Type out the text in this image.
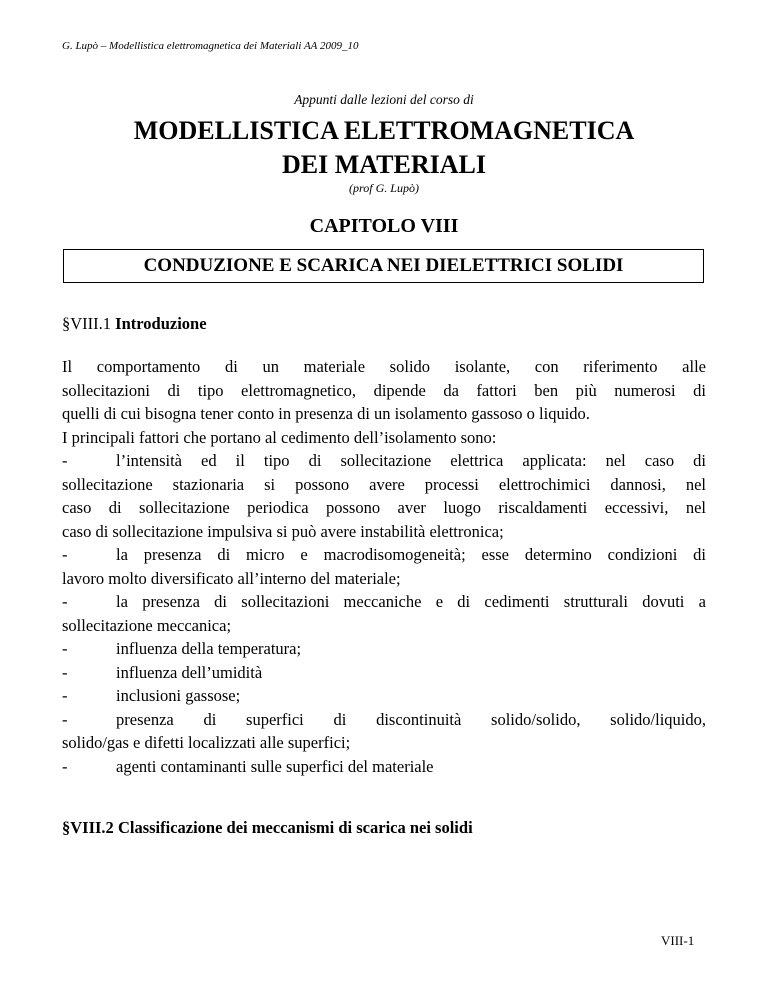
G. Lupò – Modellistica elettromagnetica dei Materiali AA 2009_10
Appunti dalle lezioni del corso di
MODELLISTICA ELETTROMAGNETICA
DEI MATERIALI
(prof G. Lupò)
CAPITOLO VIII
CONDUZIONE E SCARICA NEI DIELETTRICI SOLIDI
§VIII.1 Introduzione
Il comportamento di un materiale solido isolante, con riferimento alle
sollecitazioni di tipo elettromagnetico, dipende da fattori ben più numerosi di
quelli di cui bisogna tener conto in presenza di un isolamento gassoso o liquido.
I principali fattori che portano al cedimento dell’isolamento sono:
-	l’intensità ed il tipo di sollecitazione elettrica applicata: nel caso di
sollecitazione stazionaria si possono avere processi elettrochimici dannosi, nel
caso di sollecitazione periodica possono aver luogo riscaldamenti eccessivi, nel
caso di sollecitazione impulsiva si può avere instabilità elettronica;
-	la presenza di micro e macrodisomogeneità; esse determino condizioni di
lavoro molto diversificato all’interno del materiale;
-	la presenza di sollecitazioni meccaniche e di cedimenti strutturali dovuti a
sollecitazione meccanica;
-	influenza della temperatura;
-	influenza dell’umidità
-	inclusioni gassose;
-	presenza di superfici di discontinuità solido/solido, solido/liquido,
solido/gas e difetti localizzati alle superfici;
-	agenti contaminanti sulle superfici del materiale
§VIII.2 Classificazione dei meccanismi di scarica nei solidi
VIII-1
